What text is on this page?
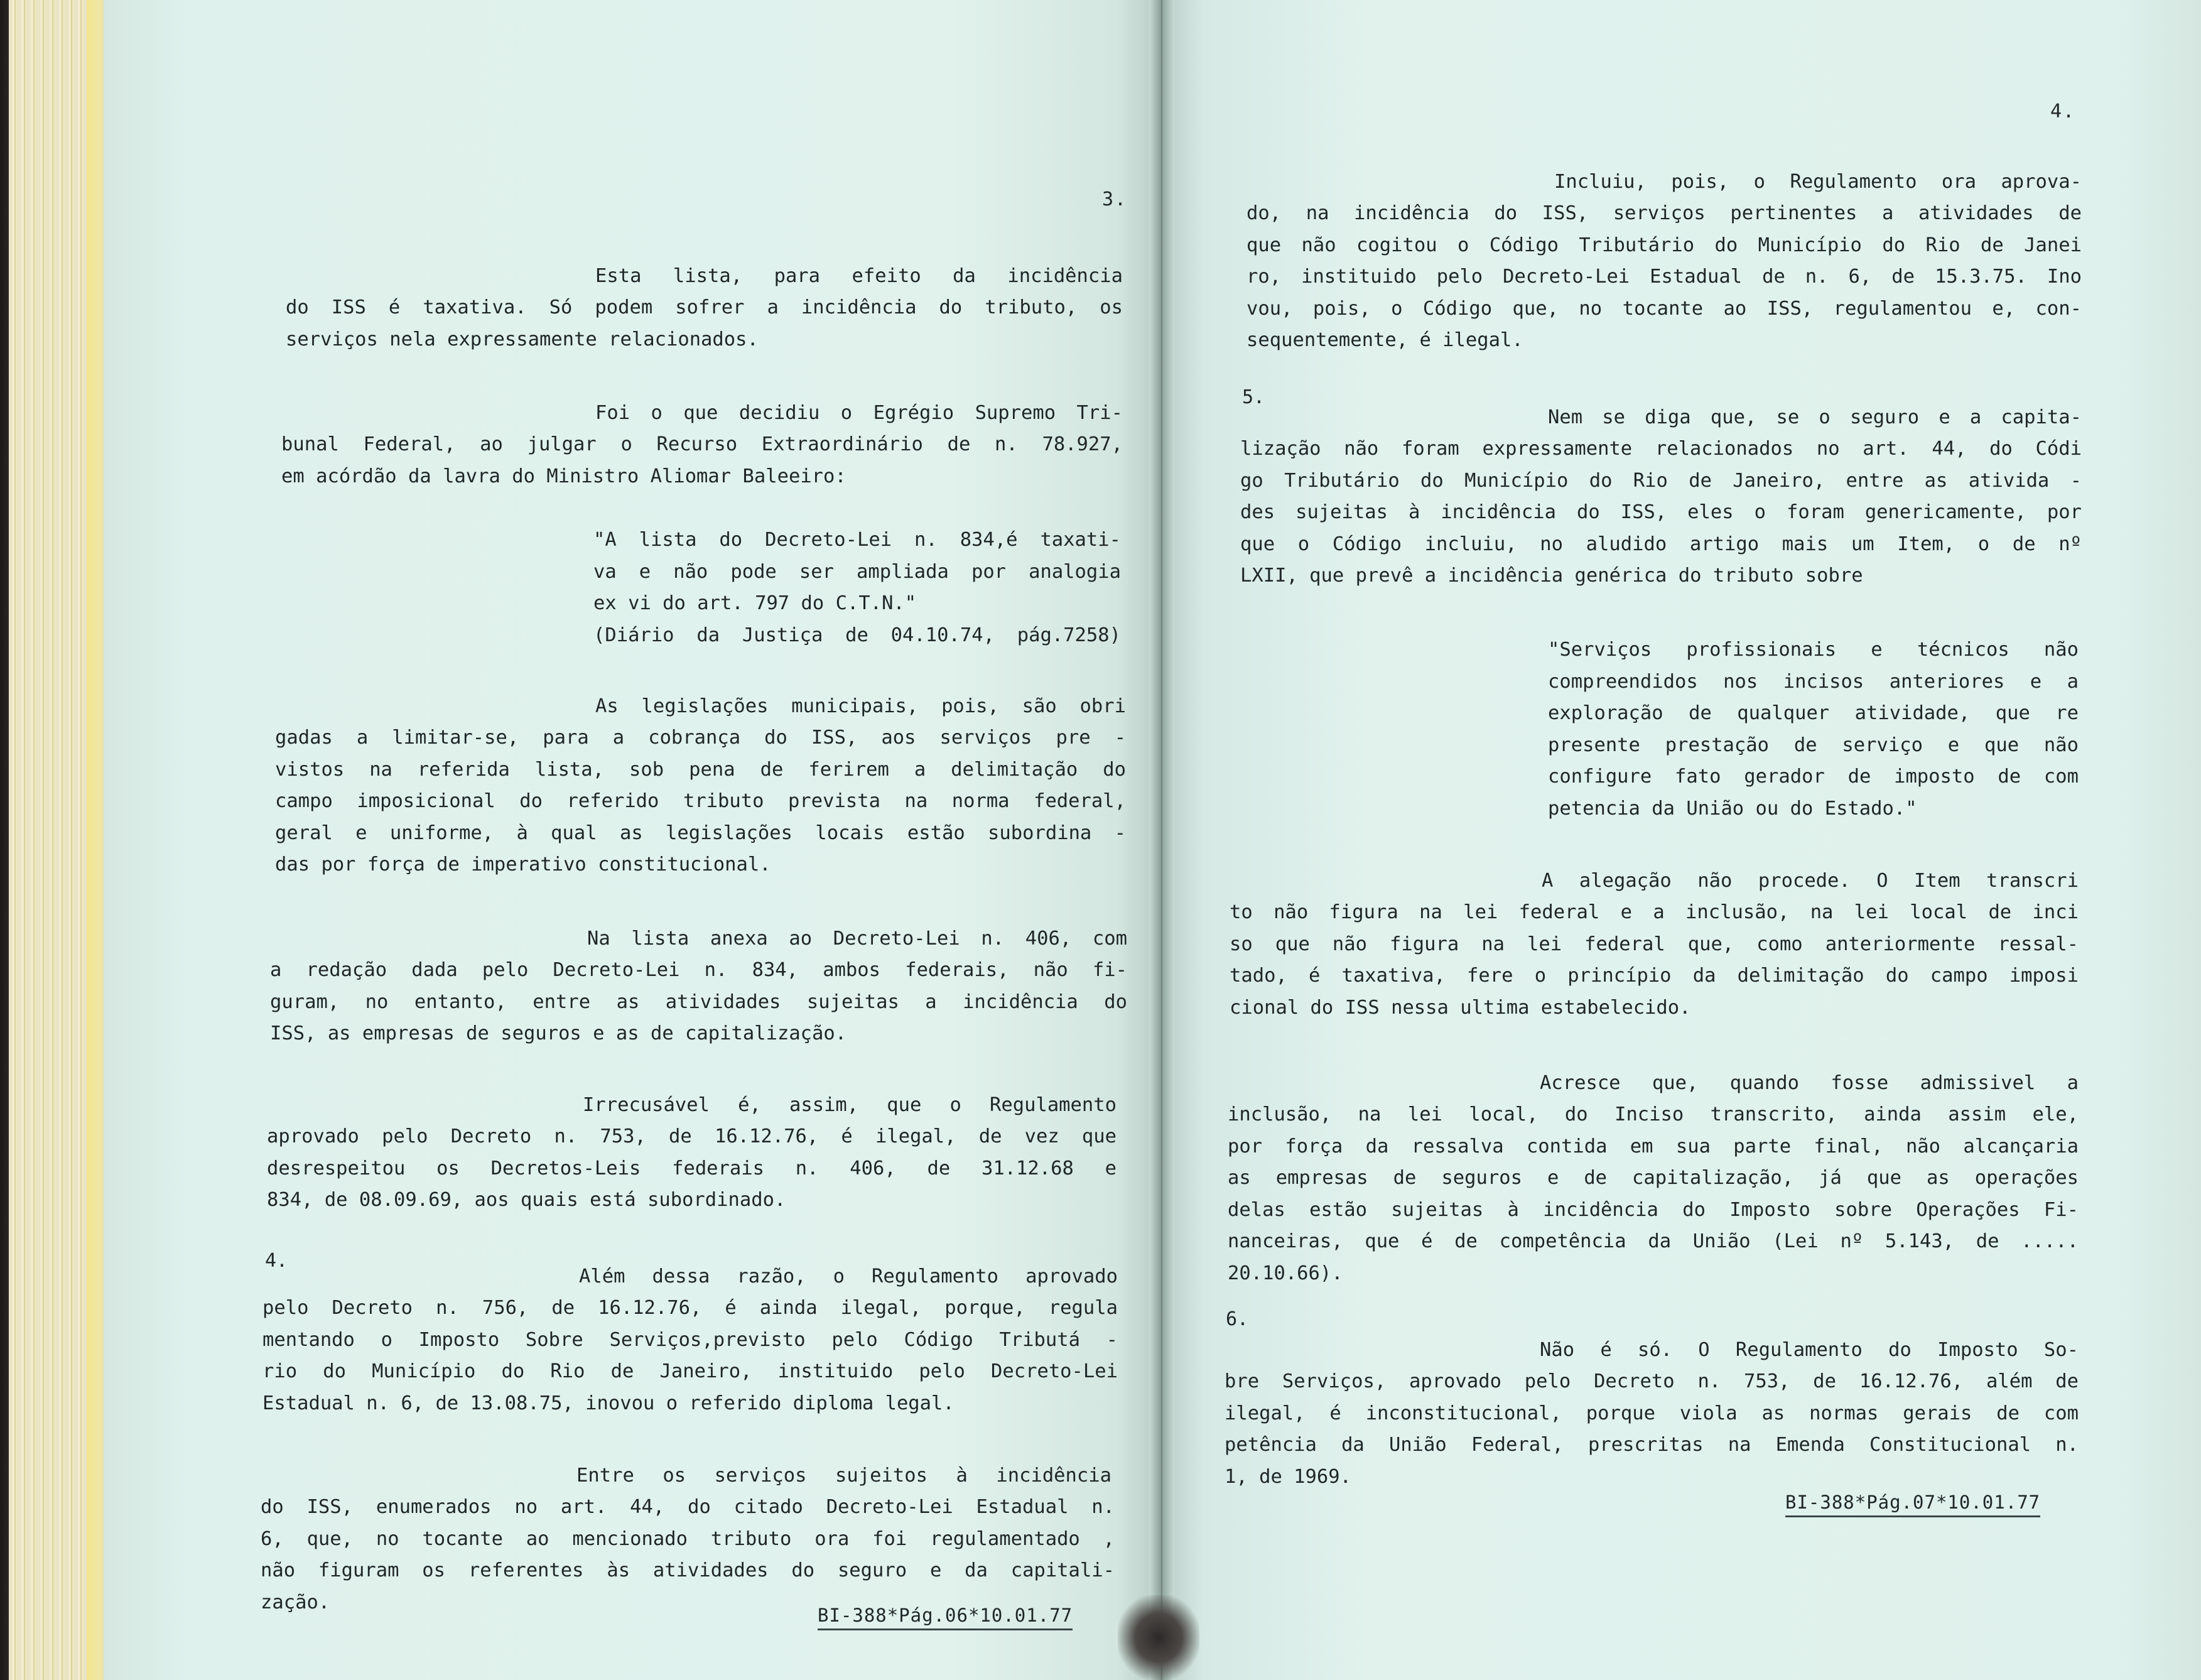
3.
Esta lista, para efeito da incidência
do ISS é taxativa. Só podem sofrer a incidência do tributo, os
serviços nela expressamente relacionados.
Foi o que decidiu o Egrégio Supremo Tri-
bunal Federal, ao julgar o Recurso Extraordinário de n. 78.927,
em acórdão da lavra do Ministro Aliomar Baleeiro:
"A lista do Decreto-Lei n. 834,é taxati-
va e não pode ser ampliada por analogia
ex vi do art. 797 do C.T.N."
(Diário da Justiça de 04.10.74, pág.7258)
As legislações municipais, pois, são obri
gadas a limitar-se, para a cobrança do ISS, aos serviços pre -
vistos na referida lista, sob pena de ferirem a delimitação do
campo imposicional do referido tributo prevista na norma federal,
geral e uniforme, à qual as legislações locais estão subordina -
das por força de imperativo constitucional.
Na lista anexa ao Decreto-Lei n. 406, com
a redação dada pelo Decreto-Lei n. 834, ambos federais, não fi-
guram, no entanto, entre as atividades sujeitas a incidência do
ISS, as empresas de seguros e as de capitalização.
Irrecusável é, assim, que o Regulamento
aprovado pelo Decreto n. 753, de 16.12.76, é ilegal, de vez que
desrespeitou os Decretos-Leis federais n. 406, de 31.12.68 e
834, de 08.09.69, aos quais está subordinado.
4.
Além dessa razão, o Regulamento aprovado
pelo Decreto n. 756, de 16.12.76, é ainda ilegal, porque, regula
mentando o Imposto Sobre Serviços,previsto pelo Código Tributá -
rio do Município do Rio de Janeiro, instituido pelo Decreto-Lei
Estadual n. 6, de 13.08.75, inovou o referido diploma legal.
Entre os serviços sujeitos à incidência
do ISS, enumerados no art. 44, do citado Decreto-Lei Estadual n.
6, que, no tocante ao mencionado tributo ora foi regulamentado ,
não figuram os referentes às atividades do seguro e da capitali-
zação.
BI-388*Pág.06*10.01.77
4.
Incluiu, pois, o Regulamento ora aprova-
do, na incidência do ISS, serviços pertinentes a atividades de
que não cogitou o Código Tributário do Município do Rio de Janei
ro, instituido pelo Decreto-Lei Estadual de n. 6, de 15.3.75. Ino
vou, pois, o Código que, no tocante ao ISS, regulamentou e, con-
sequentemente, é ilegal.
5.
Nem se diga que, se o seguro e a capita-
lização não foram expressamente relacionados no art. 44, do Códi
go Tributário do Município do Rio de Janeiro, entre as ativida -
des sujeitas à incidência do ISS, eles o foram genericamente, por
que o Código incluiu, no aludido artigo mais um Item, o de nº
LXII, que prevê a incidência genérica do tributo sobre
"Serviços profissionais e técnicos não
compreendidos nos incisos anteriores e a
exploração de qualquer atividade, que re
presente prestação de serviço e que não
configure fato gerador de imposto de com
petencia da União ou do Estado."
A alegação não procede. O Item transcri
to não figura na lei federal e a inclusão, na lei local de inci
so que não figura na lei federal que, como anteriormente ressal-
tado, é taxativa, fere o princípio da delimitação do campo imposi
cional do ISS nessa ultima estabelecido.
Acresce que, quando fosse admissivel a
inclusão, na lei local, do Inciso transcrito, ainda assim ele,
por força da ressalva contida em sua parte final, não alcançaria
as empresas de seguros e de capitalização, já que as operações
delas estão sujeitas à incidência do Imposto sobre Operações Fi-
nanceiras, que é de competência da União (Lei nº 5.143, de .....
20.10.66).
6.
Não é só. O Regulamento do Imposto So-
bre Serviços, aprovado pelo Decreto n. 753, de 16.12.76, além de
ilegal, é inconstitucional, porque viola as normas gerais de com
petência da União Federal, prescritas na Emenda Constitucional n.
1, de 1969.
BI-388*Pág.07*10.01.77
